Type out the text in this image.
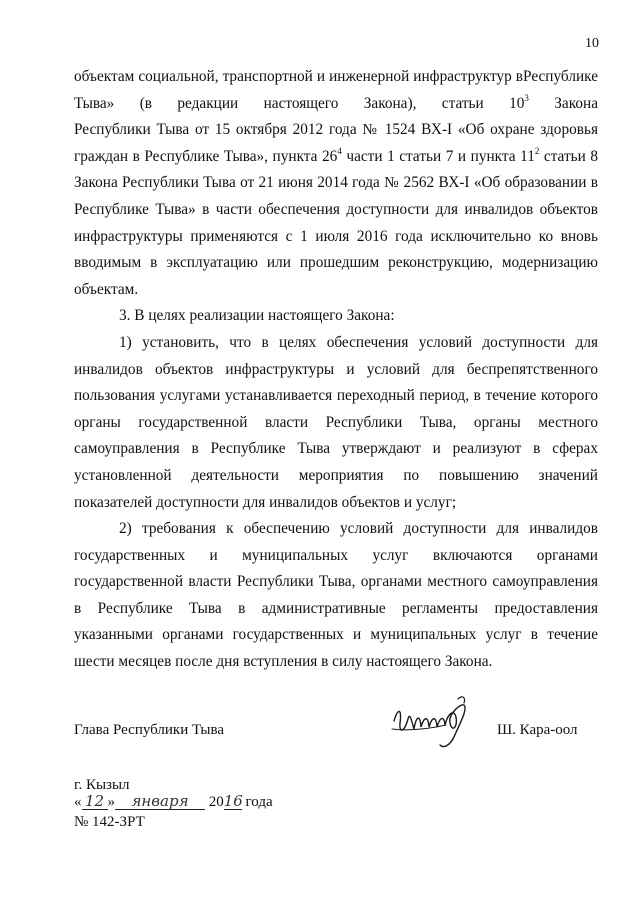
10

объектам социальной, транспортной и инженерной инфраструктур вРеспублике Тыва» (в редакции настоящего Закона), статьи $10^3$ Закона

Республики Тыва от 15 октября 2012 года № 1524 ВХ-I «Об охране здоровья граждан в Республике Тыва», пункта $26^4$ части 1 статьи 7 и пункта $11^2$ статьи 8 Закона Республики Тыва от 21 июня 2014 года № 2562 ВХ-I «Об образовании в Республике Тыва» в части обеспечения доступности для инвалидов объектов инфраструктуры применяются с 1 июля 2016 года исключительно ко вновь вводимым в эксплуатацию или прошедшим реконструкцию, модернизацию объектам.

3. В целях реализации настоящего Закона:

1) установить, что в целях обеспечения условий доступности для инвалидов объектов инфраструктуры и условий для беспрепятственного пользования услугами устанавливается переходный период, в течение которого органы государственной власти Республики Тыва, органы местного самоуправления в Республике Тыва утверждают и реализуют в сферах установленной деятельности мероприятия по повышению значений показателей доступности для инвалидов объектов и услуг;

2) требования к обеспечению условий доступности для инвалидов государственных и муниципальных услуг включаются органами государственной власти Республики Тыва, органами местного самоуправления в Республике Тыва в административные регламенты предоставления указанными органами государственных и муниципальных услуг в течение шести месяцев после дня вступления в силу настоящего Закона.

Глава Республики Тыва	Ш. Кара-оол
г. Кызыл
« 12 » января 2016 года
№ 142-ЗРТ
